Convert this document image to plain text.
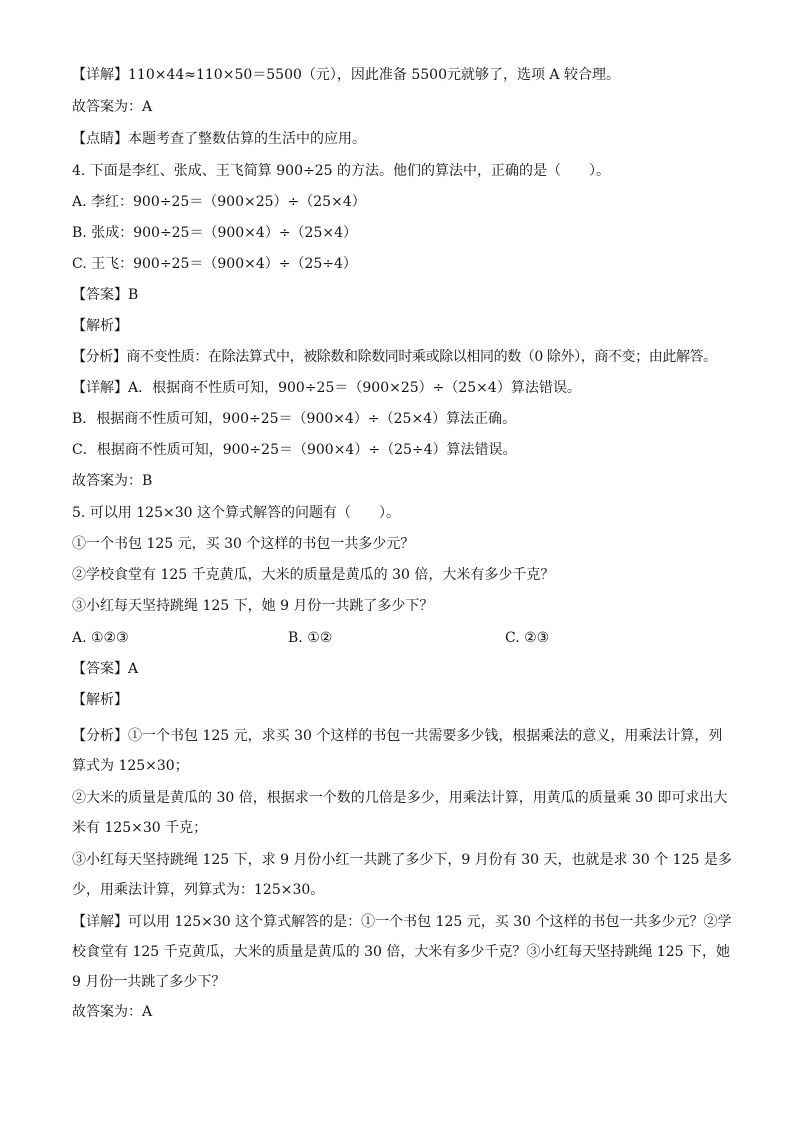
【详解】110×44≈110×50＝5500（元），因此准备 5500元就够了，选项 A 较合理。
故答案为：A
【点睛】本题考查了整数估算的生活中的应用。
4. 下面是李红、张成、王飞简算 900÷25 的方法。他们的算法中，正确的是（　　）。
A. 李红：900÷25＝（900×25）÷（25×4）
B. 张成：900÷25＝（900×4）÷（25×4）
C. 王飞：900÷25＝（900×4）÷（25÷4）
【答案】B
【解析】
【分析】商不变性质：在除法算式中，被除数和除数同时乘或除以相同的数（0 除外），商不变；由此解答。
【详解】A．根据商不性质可知，900÷25＝（900×25）÷（25×4）算法错误。
B．根据商不性质可知，900÷25＝（900×4）÷（25×4）算法正确。
C．根据商不性质可知，900÷25＝（900×4）÷（25÷4）算法错误。
故答案为：B
5. 可以用 125×30 这个算式解答的问题有（　　）。
①一个书包 125 元，买 30 个这样的书包一共多少元？
②学校食堂有 125 千克黄瓜，大米的质量是黄瓜的 30 倍，大米有多少千克？
③小红每天坚持跳绳 125 下，她 9 月份一共跳了多少下？
A. ①②③	B. ①②	C. ②③
【答案】A
【解析】
【分析】①一个书包 125 元，求买 30 个这样的书包一共需要多少钱，根据乘法的意义，用乘法计算，列算式为 125×30；
②大米的质量是黄瓜的 30 倍，根据求一个数的几倍是多少，用乘法计算，用黄瓜的质量乘 30 即可求出大米有 125×30 千克；
③小红每天坚持跳绳 125 下，求 9 月份小红一共跳了多少下，9 月份有 30 天，也就是求 30 个 125 是多少，用乘法计算，列算式为：125×30。
【详解】可以用 125×30 这个算式解答的是：①一个书包 125 元，买 30 个这样的书包一共多少元？②学校食堂有 125 千克黄瓜，大米的质量是黄瓜的 30 倍，大米有多少千克？③小红每天坚持跳绳 125 下，她 9 月份一共跳了多少下？
故答案为：A
